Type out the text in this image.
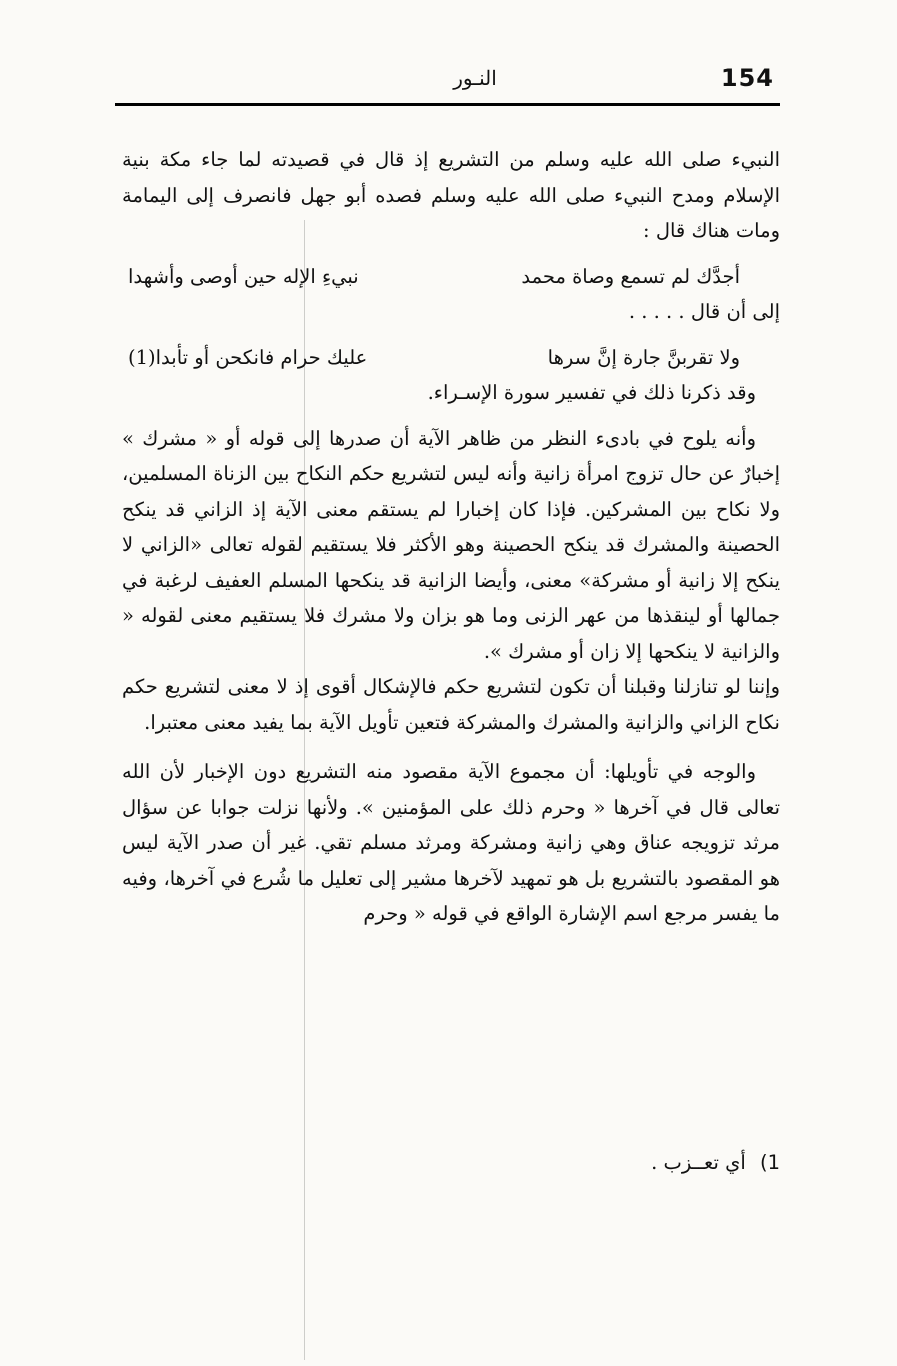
154
النـور

النبيء صلى الله عليه وسلم من التشريع إذ قال في قصيدته لما جاء مكة بنية الإسلام ومدح النبيء صلى الله عليه وسلم فصده أبو جهل فانصرف إلى اليمامة ومات هناك قال :

أجدَّك لم تسمع وصاة محمد
نبيءِ الإله حين أوصى وأشهدا

إلى أن قال . . . . .

ولا تقربنَّ جارة إنَّ سرها
عليك حرام فانكحن أو تأبدا(1)

وقد ذكرنا ذلك في تفسير سورة الإسـراء.

وأنه يلوح في بادىء النظر من ظاهر الآية أن صدرها إلى قوله أو « مشرك » إخبارٌ عن حال تزوج امرأة زانية وأنه ليس لتشريع حكم النكاح بين الزناة المسلمين، ولا نكاح بين المشركين. فإذا كان إخبارا لم يستقم معنى الآية إذ الزاني قد ينكح الحصينة والمشرك قد ينكح الحصينة وهو الأكثر فلا يستقيم لقوله تعالى «الزاني لا ينكح إلا زانية أو مشركة» معنى، وأيضا الزانية قد ينكحها المسلم العفيف لرغبة في جمالها أو لينقذها من عهر الزنى وما هو بزان ولا مشرك فلا يستقيم معنى لقوله « والزانية لا ينكحها إلا زان أو مشرك ».

وإننا لو تنازلنا وقبلنا أن تكون لتشريع حكم فالإشكال أقوى إذ لا معنى لتشريع حكم نكاح الزاني والزانية والمشرك والمشركة فتعين تأويل الآية بما يفيد معنى معتبرا.

والوجه في تأويلها: أن مجموع الآية مقصود منه التشريع دون الإخبار لأن الله تعالى قال في آخرها « وحرم ذلك على المؤمنين ». ولأنها نزلت جوابا عن سؤال مرثد تزويجه عناق وهي زانية ومشركة ومرثد مسلم تقي. غير أن صدر الآية ليس هو المقصود بالتشريع بل هو تمهيد لآخرها مشير إلى تعليل ما شُرع في آخرها، وفيه ما يفسر مرجع اسم الإشارة الواقع في قوله « وحرم

1) أي تعــزب .
